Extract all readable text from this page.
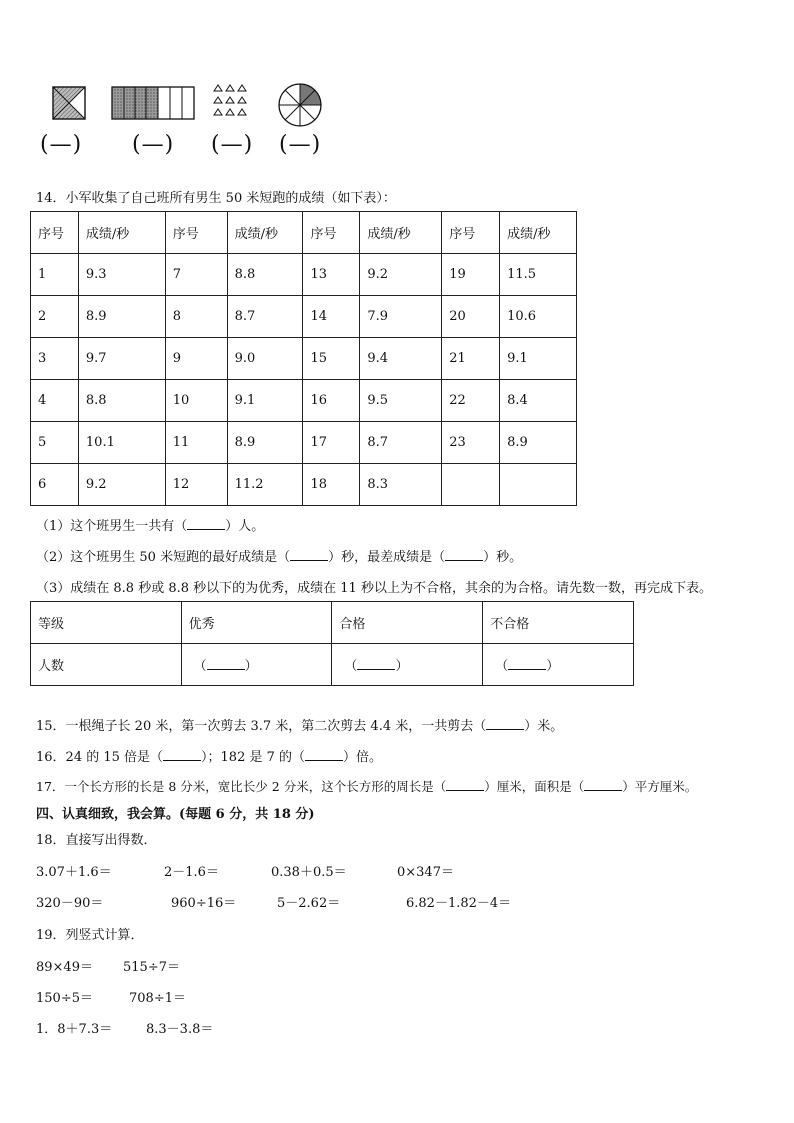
(—) (—) (—) (—)
14．小军收集了自己班所有男生 50 米短跑的成绩（如下表）：
序号	成绩/秒	序号	成绩/秒	序号	成绩/秒	序号	成绩/秒
1	9.3	7	8.8	13	9.2	19	11.5
2	8.9	8	8.7	14	7.9	20	10.6
3	9.7	9	9.0	15	9.4	21	9.1
4	8.8	10	9.1	16	9.5	22	8.4
5	10.1	11	8.9	17	8.7	23	8.9
6	9.2	12	11.2	18	8.3		
（1）这个班男生一共有（	）人。
（2）这个班男生 50 米短跑的最好成绩是（	）秒，最差成绩是（	）秒。
（3）成绩在 8.8 秒或 8.8 秒以下的为优秀，成绩在 11 秒以上为不合格，其余的为合格。请先数一数，再完成下表。
等级	优秀	合格	不合格
人数	（ ）	（ ）	（ ）
15．一根绳子长 20 米，第一次剪去 3.7 米，第二次剪去 4.4 米，一共剪去（	）米。
16．24 的 15 倍是（	）；182 是 7 的（	）倍。
17．一个长方形的长是 8 分米，宽比长少 2 分米，这个长方形的周长是（	）厘米，面积是（	）平方厘米。
四、认真细致，我会算。(每题 6 分，共 18 分)
18．直接写出得数．
3.07＋1.6＝	2－1.6＝	0.38＋0.5＝	0×347＝
320－90＝	960÷16＝	5－2.62＝	6.82－1.82－4＝
19．列竖式计算．
89×49＝ 515÷7＝
150÷5＝	708÷1＝
1．8＋7.3＝	8.3－3.8＝
